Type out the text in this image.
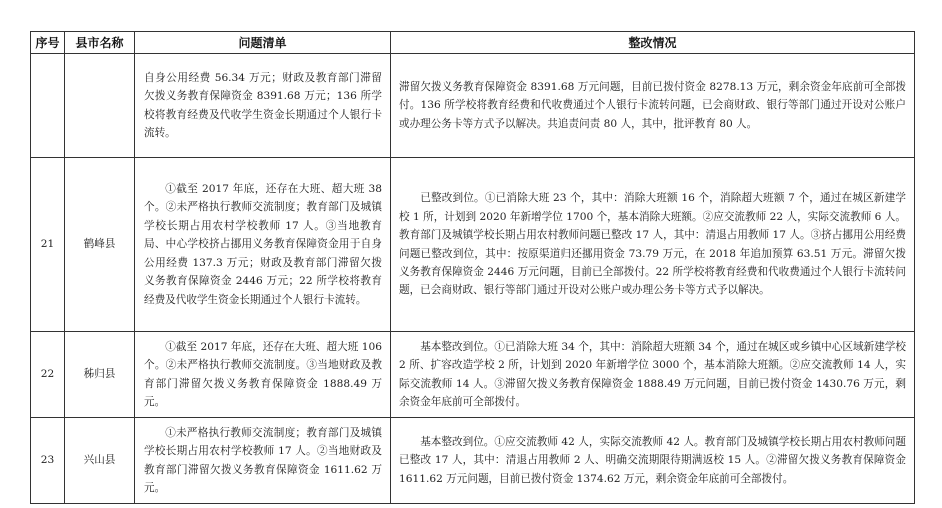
序号	县市名称	问题清单	整改情况

		自身公用经费 56.34 万元；财政及教育部门滞留欠拨义务教育保障资金 8391.68 万元；136 所学校将教育经费及代收学生资金长期通过个人银行卡流转。	滞留欠拨义务教育保障资金 8391.68 万元问题，目前已拨付资金 8278.13 万元，剩余资金年底前可全部拨付。136 所学校将教育经费和代收费通过个人银行卡流转问题，已会商财政、银行等部门通过开设对公账户或办理公务卡等方式予以解决。共追责问责 80 人，其中，批评教育 80 人。

21	鹤峰县	①截至 2017 年底，还存在大班、超大班 38 个。②未严格执行教师交流制度；教育部门及城镇学校长期占用农村学校教师 17 人。③当地教育局、中心学校挤占挪用义务教育保障资金用于自身公用经费 137.3 万元；财政及教育部门滞留欠拨义务教育保障资金 2446 万元；22 所学校将教育经费及代收学生资金长期通过个人银行卡流转。	已整改到位。①已消除大班 23 个，其中：消除大班额 16 个，消除超大班额 7 个，通过在城区新建学校 1 所，计划到 2020 年新增学位 1700 个，基本消除大班额。②应交流教师 22 人，实际交流教师 6 人。教育部门及城镇学校长期占用农村教师问题已整改 17 人，其中：清退占用教师 17 人。③挤占挪用公用经费问题已整改到位，其中：按原渠道归还挪用资金 73.79 万元，在 2018 年追加预算 63.51 万元。滞留欠拨义务教育保障资金 2446 万元问题，目前已全部拨付。22 所学校将教育经费和代收费通过个人银行卡流转问题，已会商财政、银行等部门通过开设对公账户或办理公务卡等方式予以解决。

22	秭归县	①截至 2017 年底，还存在大班、超大班 106 个。②未严格执行教师交流制度。③当地财政及教育部门滞留欠拨义务教育保障资金 1888.49 万元。	基本整改到位。①已消除大班 34 个，其中：消除超大班额 34 个，通过在城区或乡镇中心区域新建学校 2 所、扩容改造学校 2 所，计划到 2020 年新增学位 3000 个，基本消除大班额。②应交流教师 14 人，实际交流教师 14 人。③滞留欠拨义务教育保障资金 1888.49 万元问题，目前已拨付资金 1430.76 万元，剩余资金年底前可全部拨付。

23	兴山县	①未严格执行教师交流制度；教育部门及城镇学校长期占用农村学校教师 17 人。②当地财政及教育部门滞留欠拨义务教育保障资金 1611.62 万元。	基本整改到位。①应交流教师 42 人，实际交流教师 42 人。教育部门及城镇学校长期占用农村教师问题已整改 17 人，其中：清退占用教师 2 人、明确交流期限待期满返校 15 人。②滞留欠拨义务教育保障资金 1611.62 万元问题，目前已拨付资金 1374.62 万元，剩余资金年底前可全部拨付。
